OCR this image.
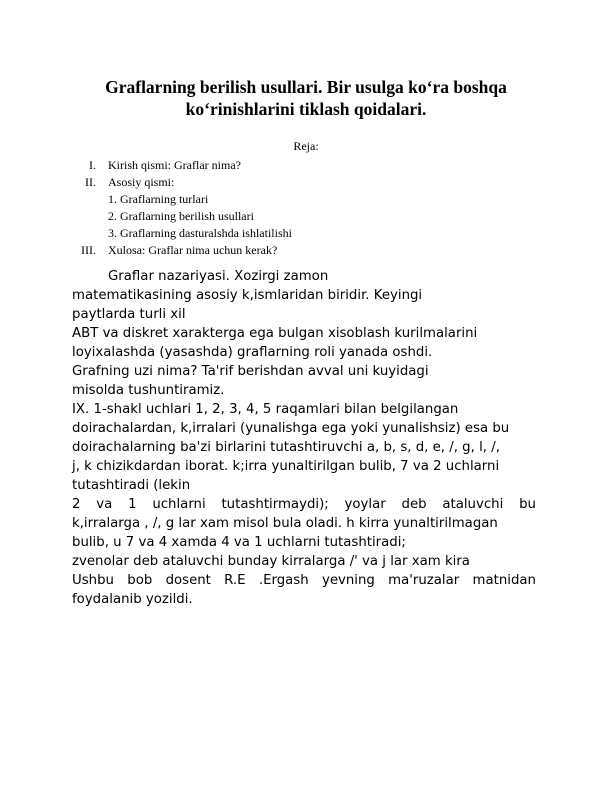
Graflarning berilish usullari. Bir usulga koʻra boshqa
koʻrinishlarini tiklash qoidalari.
Reja:
I. Kirish qismi: Graflar nima?
II. Asosiy qismi:
1. Graflarning turlari
2. Graflarning berilish usullari
3. Graflarning dasturalshda ishlatilishi
III. Xulosa: Graflar nima uchun kerak?
Graflar nazariyasi. Xozirgi zamon
matematikasining asosiy k,ismlaridan biridir. Keyingi
paytlarda turli xil
ABT va diskret xarakterga ega bulgan xisoblash kurilmalarini
loyixalashda (yasashda) graflarning roli yanada oshdi.
Grafning uzi nima? Ta'rif berishdan avval uni kuyidagi
misolda tushuntiramiz.
IX. 1-shakl uchlari 1, 2, 3, 4, 5 raqamlari bilan belgilangan
doirachalardan, k,irralari (yunalishga ega yoki yunalishsiz) esa bu
doirachalarning ba'zi birlarini tutashtiruvchi a, b, s, d, e, /, g, l, /,
j, k chizikdardan iborat. k;irra yunaltirilgan bulib, 7 va 2 uchlarni
tutashtiradi (lekin
2 va 1 uchlarni tutashtirmaydi); yoylar deb ataluvchi bu
k,irralarga , /, g lar xam misol bula oladi. h kirra yunaltirilmagan
bulib, u 7 va 4 xamda 4 va 1 uchlarni tutashtiradi;
zvenolar deb ataluvchi bunday kirralarga /' va j lar xam kira
Ushbu bob dosent R.E .Ergash yevning ma'ruzalar matnidan
foydalanib yozildi.
